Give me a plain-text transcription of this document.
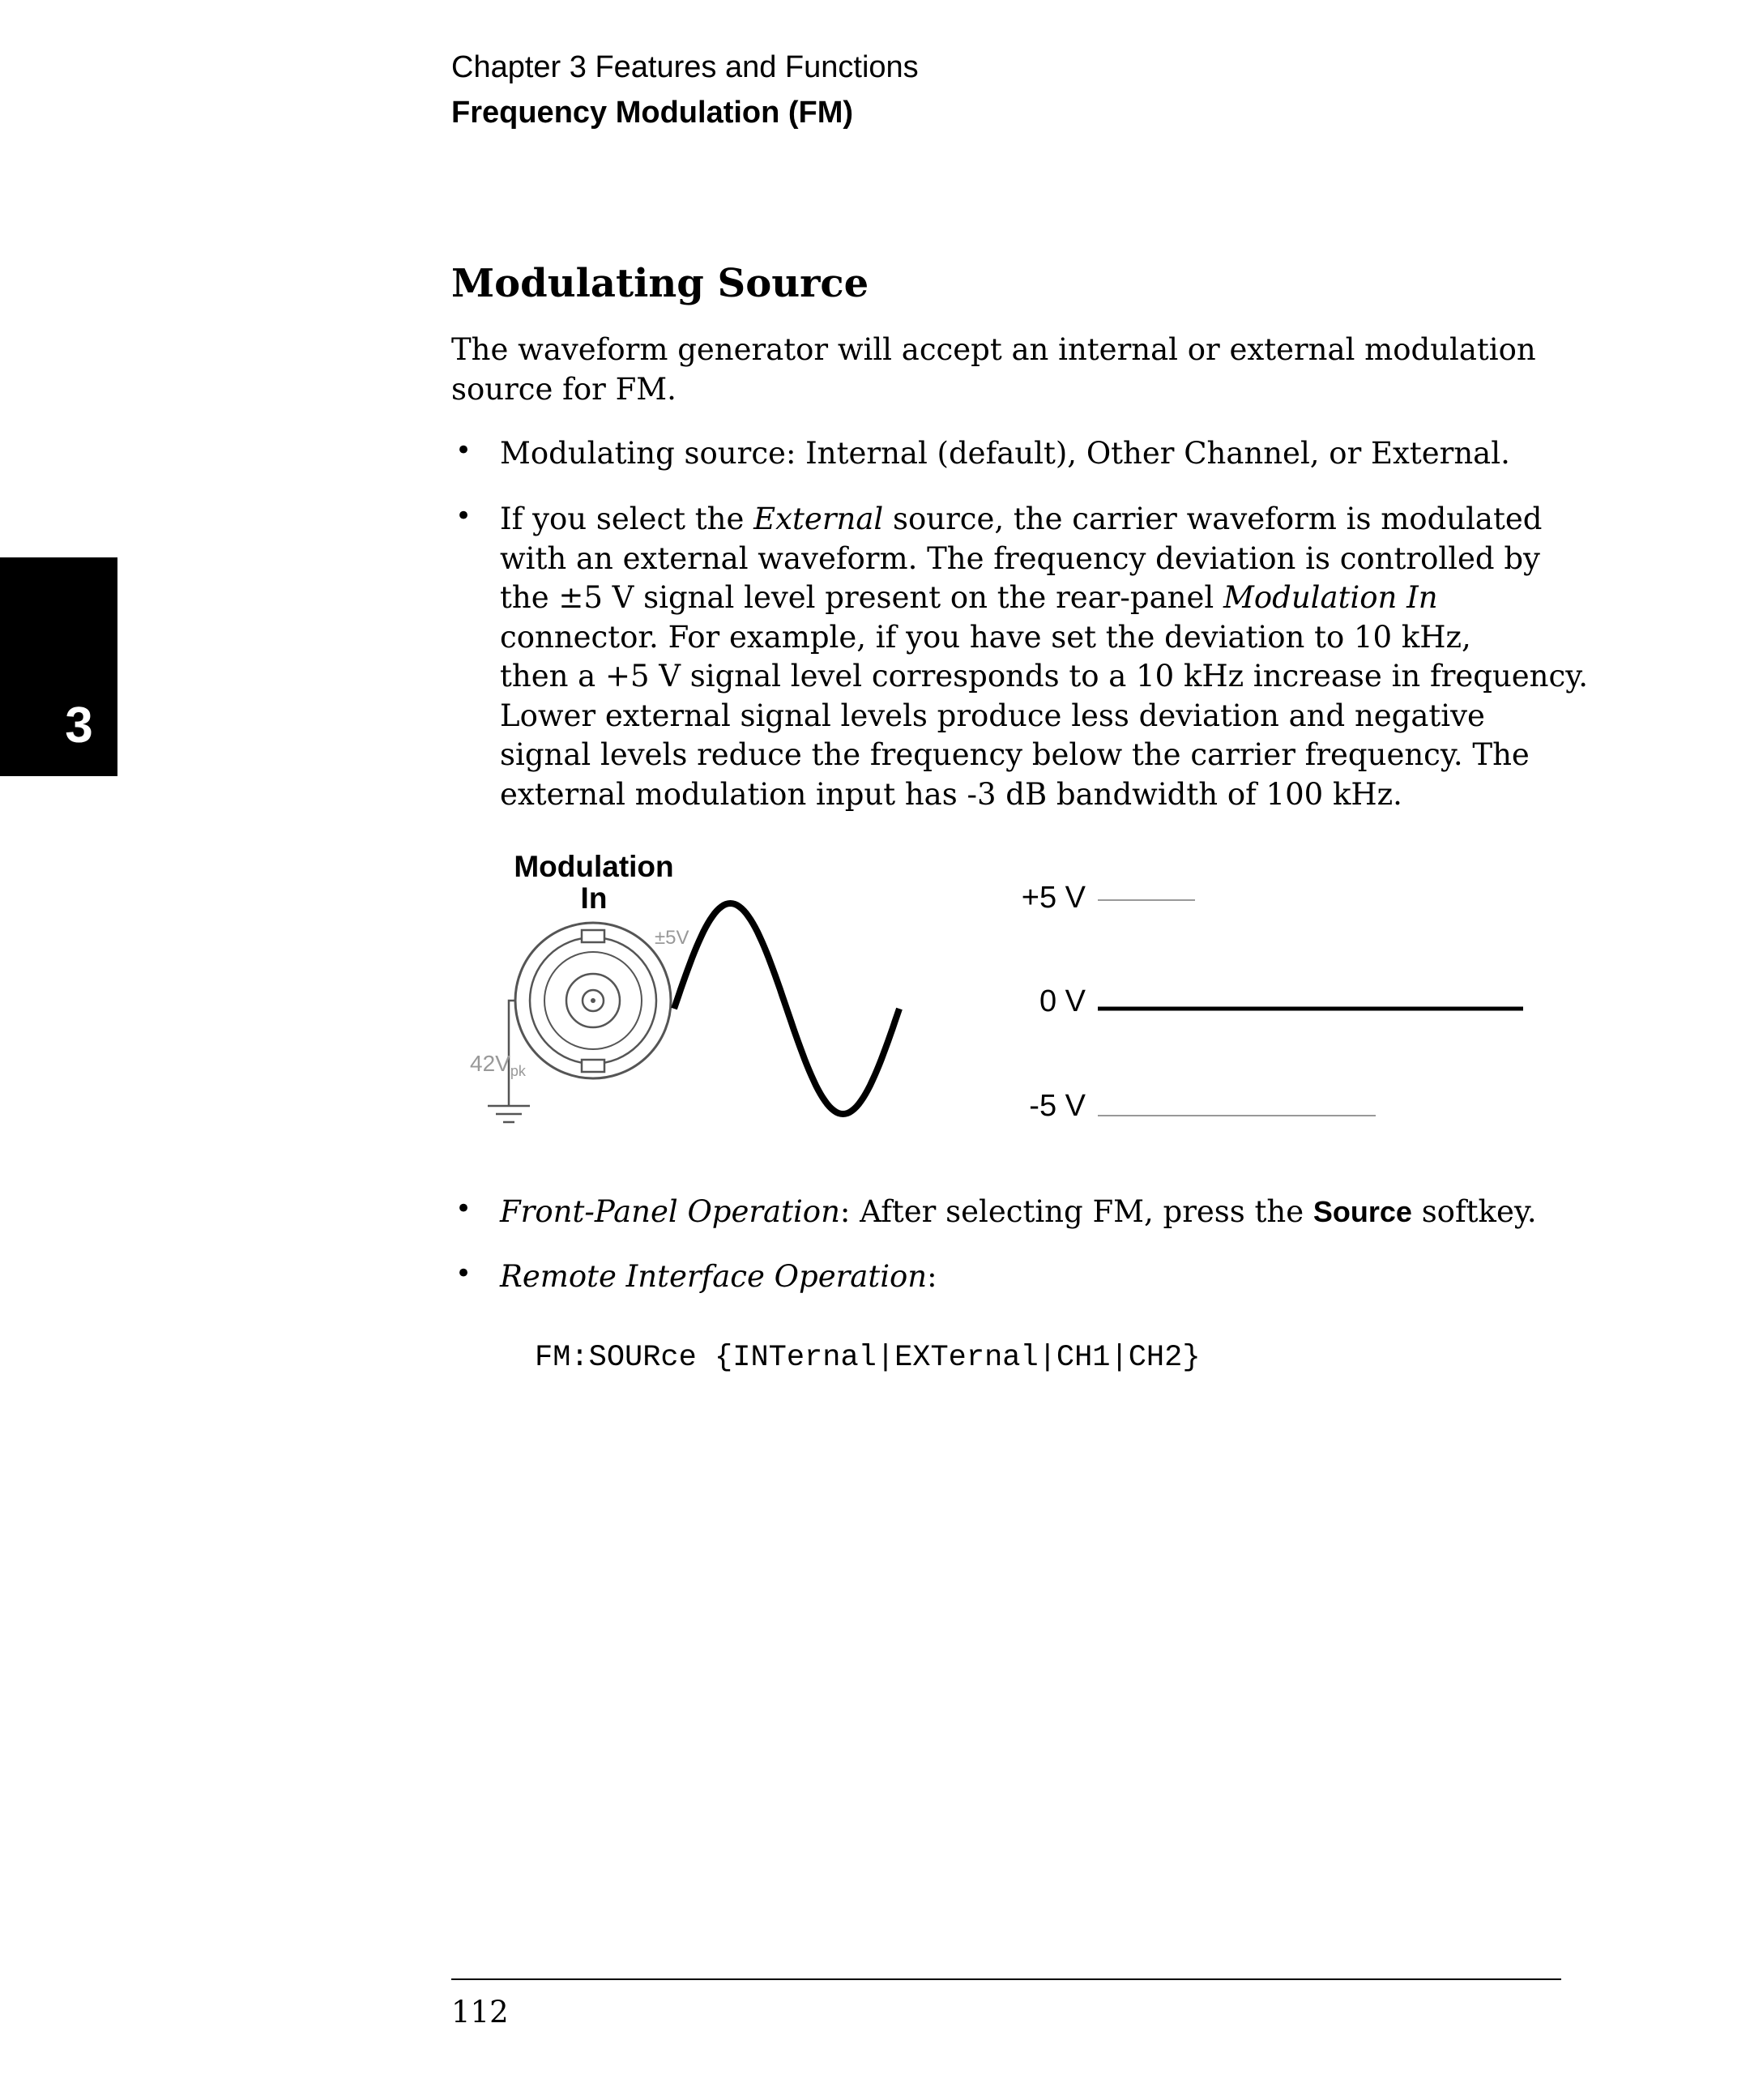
Chapter 3 Features and Functions
Frequency Modulation (FM)
3
Modulating Source
The waveform generator will accept an internal or external modulation
source for FM.
• Modulating source: Internal (default), Other Channel, or External.
• If you select the External source, the carrier waveform is modulated
with an external waveform. The frequency deviation is controlled by
the ±5 V signal level present on the rear-panel Modulation In
connector. For example, if you have set the deviation to 10 kHz,
then a +5 V signal level corresponds to a 10 kHz increase in frequency.
Lower external signal levels produce less deviation and negative
signal levels reduce the frequency below the carrier frequency. The
external modulation input has -3 dB bandwidth of 100 kHz.
Modulation
In
±5V
$42V_{pk}$
+5 V
0 V
-5 V
• Front-Panel Operation: After selecting FM, press the Source softkey.
• Remote Interface Operation:
FM:SOURce {INTernal|EXTernal|CH1|CH2}
112
